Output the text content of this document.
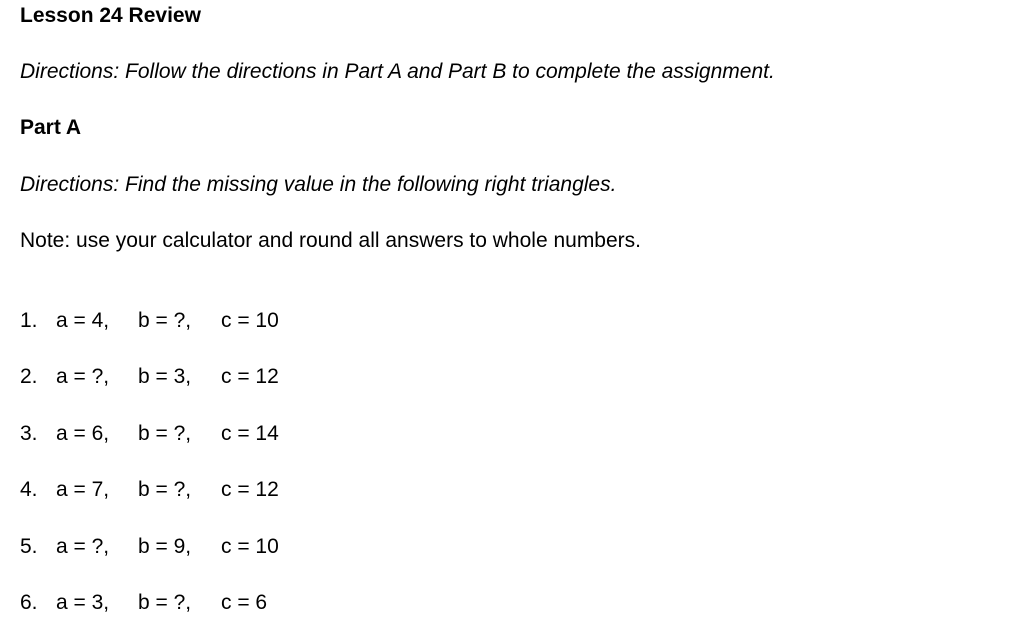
Lesson 24 Review
Directions: Follow the directions in Part A and Part B to complete the assignment.
Part A
Directions: Find the missing value in the following right triangles.
Note: use your calculator and round all answers to whole numbers.
1. a = 4, b = ?, c = 10
2. a = ?, b = 3, c = 12
3. a = 6, b = ?, c = 14
4. a = 7, b = ?, c = 12
5. a = ?, b = 9, c = 10
6. a = 3, b = ?, c = 6
